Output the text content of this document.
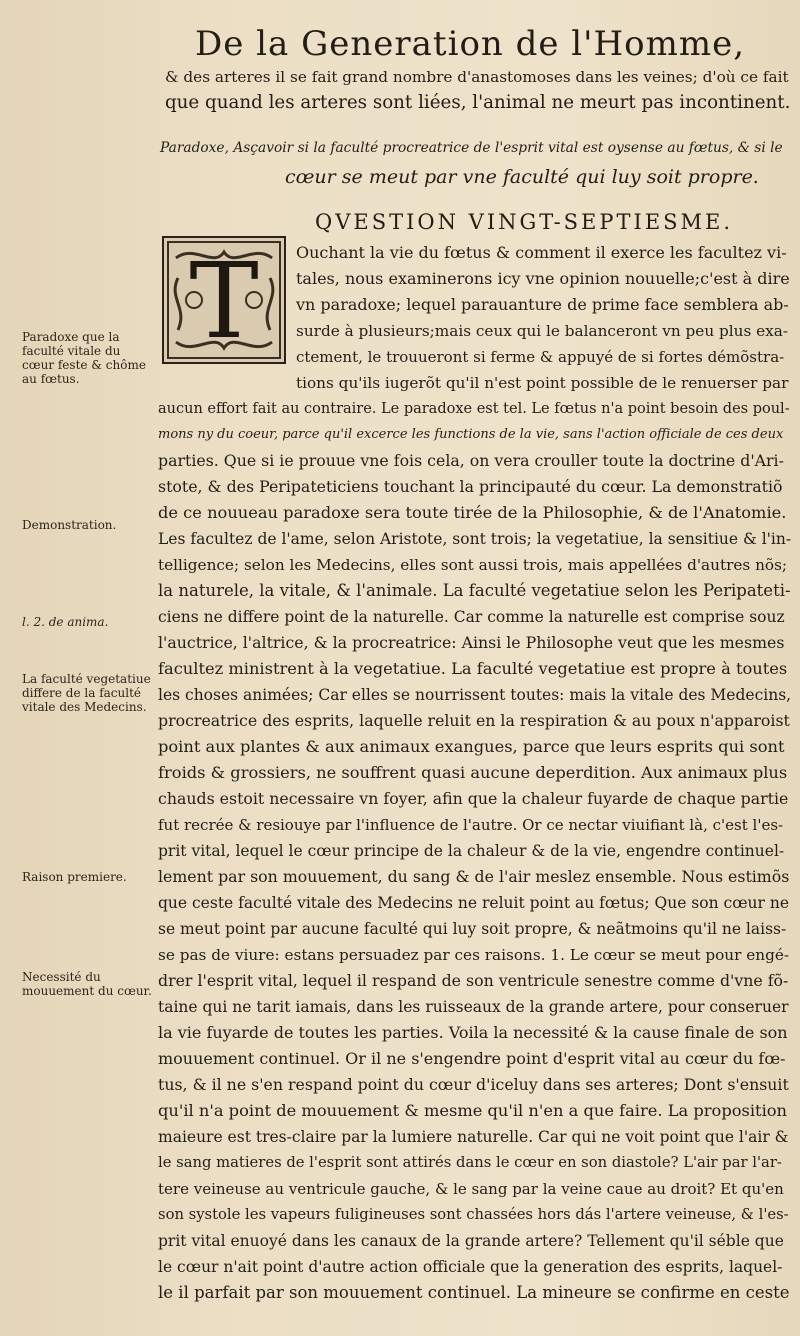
De la Generation de l'Homme,
& des arteres il se fait grand nombre d'anastomoses dans les veines; d'où ce fait
que quand les arteres sont liées, l'animal ne meurt pas incontinent.
Paradoxe, Asçavoir si la faculté procreatrice de l'esprit vital est oysense au fœtus, & si le
cœur se meut par vne faculté qui luy soit propre.
QVESTION VINGT-SEPTIESME.
T
Paradoxe que la faculté vitale du cœur feste & chôme au fœtus.
Demonstration.
l. 2. de anima.
La faculté vegetatiue differe de la faculté vitale des Medecins.
Raison premiere.
Necessité du mouuement du cœur.
Ouchant la vie du fœtus & comment il exerce les facultez vi-
tales, nous examinerons icy vne opinion nouuelle;c'est à dire
vn paradoxe; lequel parauanture de prime face semblera ab-
surde à plusieurs;mais ceux qui le balanceront vn peu plus exa-
ctement, le trouueront si ferme & appuyé de si fortes démõstra-
tions qu'ils iugerõt qu'il n'est point possible de le renuerser par
aucun effort fait au contraire. Le paradoxe est tel. Le fœtus n'a point besoin des poul-
mons ny du coeur, parce qu'il excerce les functions de la vie, sans l'action officiale de ces deux
parties. Que si ie prouue vne fois cela, on vera crouller toute la doctrine d'Ari-
stote, & des Peripateticiens touchant la principauté du cœur. La demonstratiõ
de ce nouueau paradoxe sera toute tirée de la Philosophie, & de l'Anatomie.
Les facultez de l'ame, selon Aristote, sont trois; la vegetatiue, la sensitiue & l'in-
telligence; selon les Medecins, elles sont aussi trois, mais appellées d'autres nõs;
la naturele, la vitale, & l'animale. La faculté vegetatiue selon les Peripateti-
ciens ne differe point de la naturelle. Car comme la naturelle est comprise souz
l'auctrice, l'altrice, & la procreatrice: Ainsi le Philosophe veut que les mesmes
facultez ministrent à la vegetatiue. La faculté vegetatiue est propre à toutes
les choses animées; Car elles se nourrissent toutes: mais la vitale des Medecins,
procreatrice des esprits, laquelle reluit en la respiration & au poux n'apparoist
point aux plantes & aux animaux exangues, parce que leurs esprits qui sont
froids & grossiers, ne souffrent quasi aucune deperdition. Aux animaux plus
chauds estoit necessaire vn foyer, afin que la chaleur fuyarde de chaque partie
fut recrée & resiouye par l'influence de l'autre. Or ce nectar viuifiant là, c'est l'es-
prit vital, lequel le cœur principe de la chaleur & de la vie, engendre continuel-
lement par son mouuement, du sang & de l'air meslez ensemble. Nous estimõs
que ceste faculté vitale des Medecins ne reluit point au fœtus; Que son cœur ne
se meut point par aucune faculté qui luy soit propre, & neãtmoins qu'il ne laiss-
se pas de viure: estans persuadez par ces raisons. 1. Le cœur se meut pour engé-
drer l'esprit vital, lequel il respand de son ventricule senestre comme d'vne fõ-
taine qui ne tarit iamais, dans les ruisseaux de la grande artere, pour conseruer
la vie fuyarde de toutes les parties. Voila la necessité & la cause finale de son
mouuement continuel. Or il ne s'engendre point d'esprit vital au cœur du fœ-
tus, & il ne s'en respand point du cœur d'iceluy dans ses arteres; Dont s'ensuit
qu'il n'a point de mouuement & mesme qu'il n'en a que faire. La proposition
maieure est tres-claire par la lumiere naturelle. Car qui ne voit point que l'air &
le sang matieres de l'esprit sont attirés dans le cœur en son diastole? L'air par l'ar-
tere veineuse au ventricule gauche, & le sang par la veine caue au droit? Et qu'en
son systole les vapeurs fuligineuses sont chassées hors dás l'artere veineuse, & l'es-
prit vital enuoyé dans les canaux de la grande artere? Tellement qu'il séble que
le cœur n'ait point d'autre action officiale que la generation des esprits, laquel-
le il parfait par son mouuement continuel. La mineure se confirme en ceste
